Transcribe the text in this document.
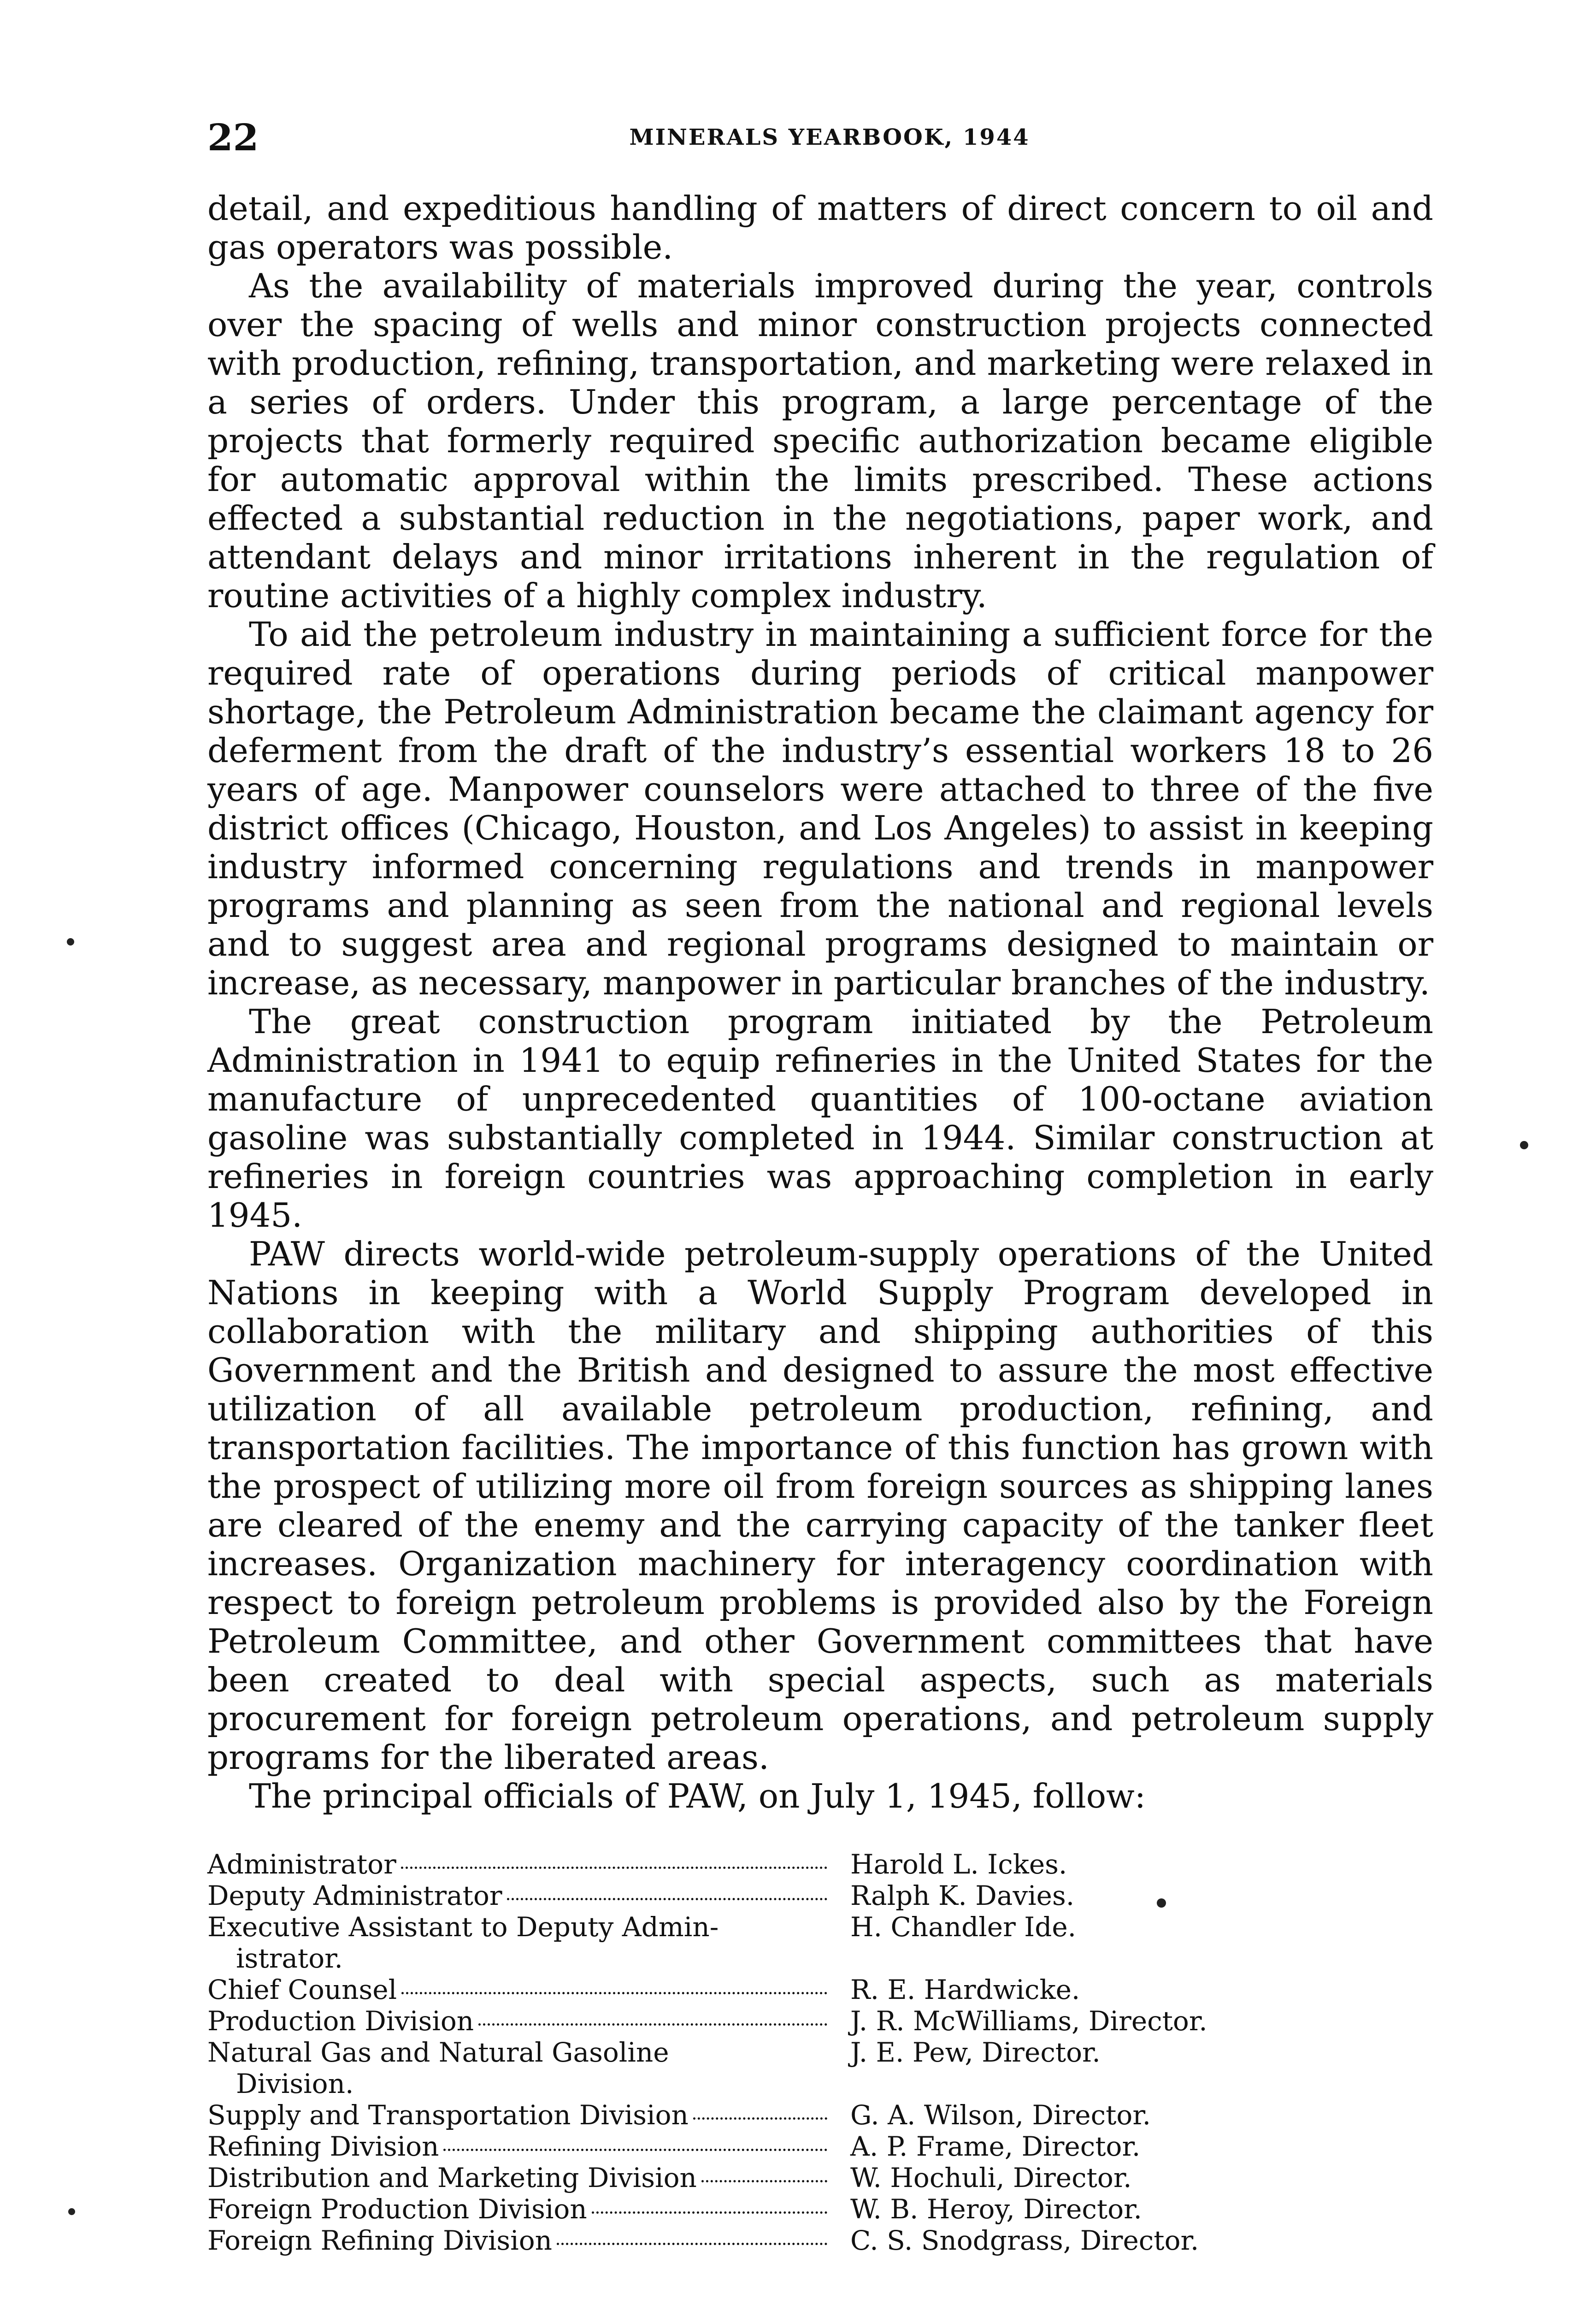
22	MINERALS YEARBOOK, 1944

detail, and expeditious handling of matters of direct concern to oil and gas operators was possible.

As the availability of materials improved during the year, controls over the spacing of wells and minor construction projects connected with production, refining, transportation, and marketing were relaxed in a series of orders. Under this program, a large percentage of the projects that formerly required specific authorization became eligible for automatic approval within the limits prescribed. These actions effected a substantial reduction in the negotiations, paper work, and attendant delays and minor irritations inherent in the regulation of routine activities of a highly complex industry.

To aid the petroleum industry in maintaining a sufficient force for the required rate of operations during periods of critical manpower shortage, the Petroleum Administration became the claimant agency for deferment from the draft of the industry’s essential workers 18 to 26 years of age. Manpower counselors were attached to three of the five district offices (Chicago, Houston, and Los Angeles) to assist in keeping industry informed concerning regulations and trends in manpower programs and planning as seen from the national and regional levels and to suggest area and regional programs designed to maintain or increase, as necessary, manpower in particular branches of the industry.

The great construction program initiated by the Petroleum Administration in 1941 to equip refineries in the United States for the manufacture of unprecedented quantities of 100-octane aviation gasoline was substantially completed in 1944. Similar construction at refineries in foreign countries was approaching completion in early 1945.

PAW directs world-wide petroleum-supply operations of the United Nations in keeping with a World Supply Program developed in collaboration with the military and shipping authorities of this Government and the British and designed to assure the most effective utilization of all available petroleum production, refining, and transportation facilities. The importance of this function has grown with the prospect of utilizing more oil from foreign sources as shipping lanes are cleared of the enemy and the carrying capacity of the tanker fleet increases. Organization machinery for interagency coordination with respect to foreign petroleum problems is provided also by the Foreign Petroleum Committee, and other Government committees that have been created to deal with special aspects, such as materials procurement for foreign petroleum operations, and petroleum supply programs for the liberated areas.

The principal officials of PAW, on July 1, 1945, follow:

Administrator	Harold L. Ickes.

Deputy Administrator	Ralph K. Davies.

Executive Assistant to Deputy Admin-
istrator.	H. Chandler Ide.

Chief Counsel	R. E. Hardwicke.

Production Division	J. R. McWilliams, Director.

Natural Gas and Natural Gasoline
Division.	J. E. Pew, Director.

Supply and Transportation Division	G. A. Wilson, Director.

Refining Division	A. P. Frame, Director.

Distribution and Marketing Division	W. Hochuli, Director.

Foreign Production Division	W. B. Heroy, Director.

Foreign Refining Division	C. S. Snodgrass, Director.
